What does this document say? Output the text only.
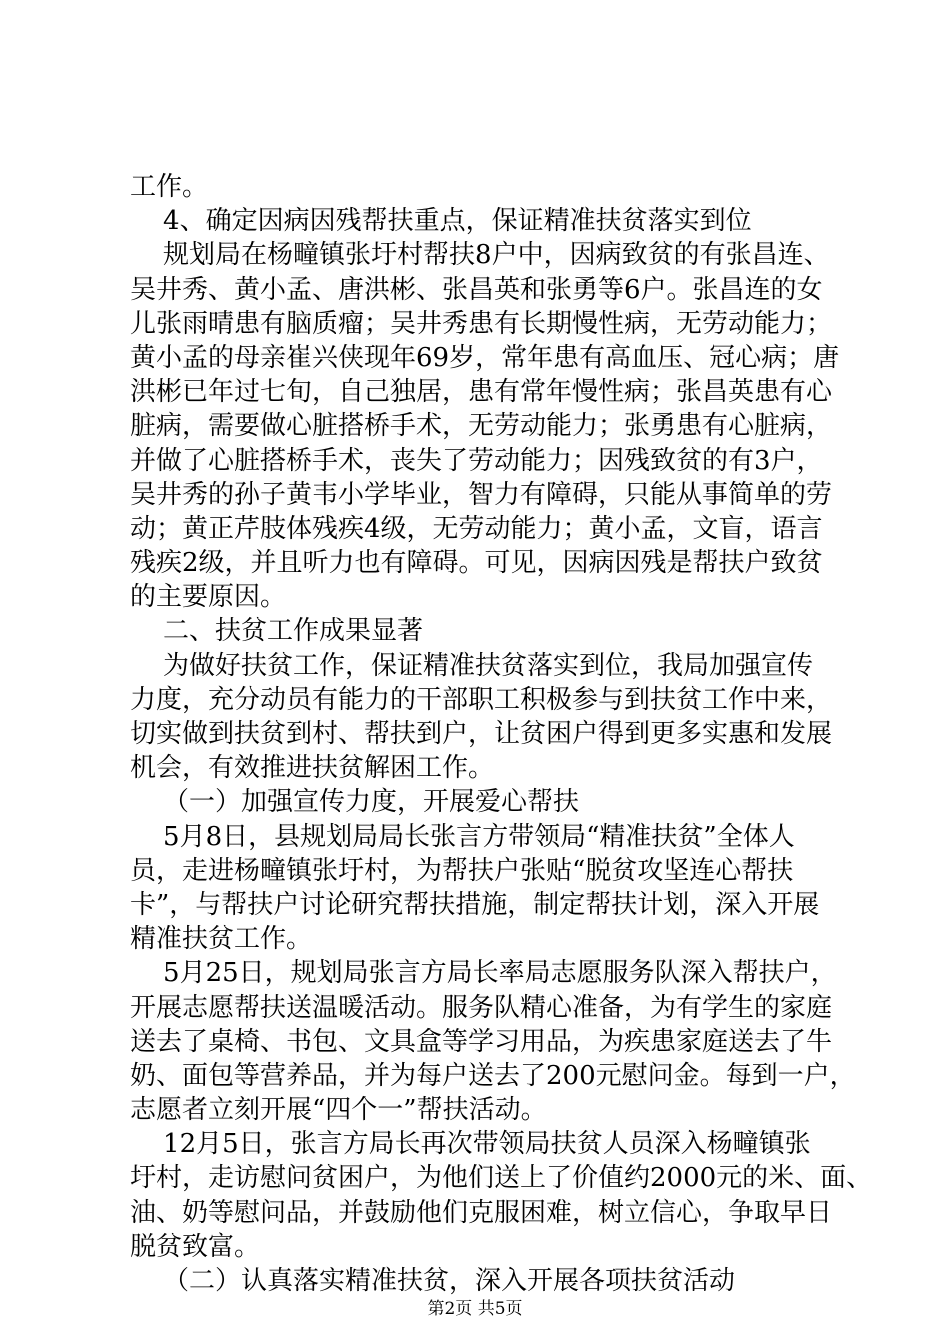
工作。
4、确定因病因残帮扶重点，保证精准扶贫落实到位
规划局在杨疃镇张圩村帮扶8户中，因病致贫的有张昌连、
吴井秀、黄小孟、唐洪彬、张昌英和张勇等6户。张昌连的女
儿张雨晴患有脑质瘤；吴井秀患有长期慢性病，无劳动能力；
黄小孟的母亲崔兴侠现年69岁，常年患有高血压、冠心病；唐
洪彬已年过七旬，自己独居，患有常年慢性病；张昌英患有心
脏病，需要做心脏搭桥手术，无劳动能力；张勇患有心脏病，
并做了心脏搭桥手术，丧失了劳动能力；因残致贫的有3户，
吴井秀的孙子黄韦小学毕业，智力有障碍，只能从事简单的劳
动；黄正芹肢体残疾4级，无劳动能力；黄小孟，文盲，语言
残疾2级，并且听力也有障碍。可见，因病因残是帮扶户致贫
的主要原因。
二、扶贫工作成果显著
为做好扶贫工作，保证精准扶贫落实到位，我局加强宣传
力度，充分动员有能力的干部职工积极参与到扶贫工作中来，
切实做到扶贫到村、帮扶到户，让贫困户得到更多实惠和发展
机会，有效推进扶贫解困工作。
（一）加强宣传力度，开展爱心帮扶
5月8日，县规划局局长张言方带领局“精准扶贫”全体人
员，走进杨疃镇张圩村，为帮扶户张贴“脱贫攻坚连心帮扶
卡”，与帮扶户讨论研究帮扶措施，制定帮扶计划，深入开展
精准扶贫工作。
5月25日，规划局张言方局长率局志愿服务队深入帮扶户，
开展志愿帮扶送温暖活动。服务队精心准备，为有学生的家庭
送去了桌椅、书包、文具盒等学习用品，为疾患家庭送去了牛
奶、面包等营养品，并为每户送去了200元慰问金。每到一户，
志愿者立刻开展“四个一”帮扶活动。
12月5日，张言方局长再次带领局扶贫人员深入杨疃镇张
圩村，走访慰问贫困户，为他们送上了价值约2000元的米、面、
油、奶等慰问品，并鼓励他们克服困难，树立信心，争取早日
脱贫致富。
（二）认真落实精准扶贫，深入开展各项扶贫活动
第2页 共5页
